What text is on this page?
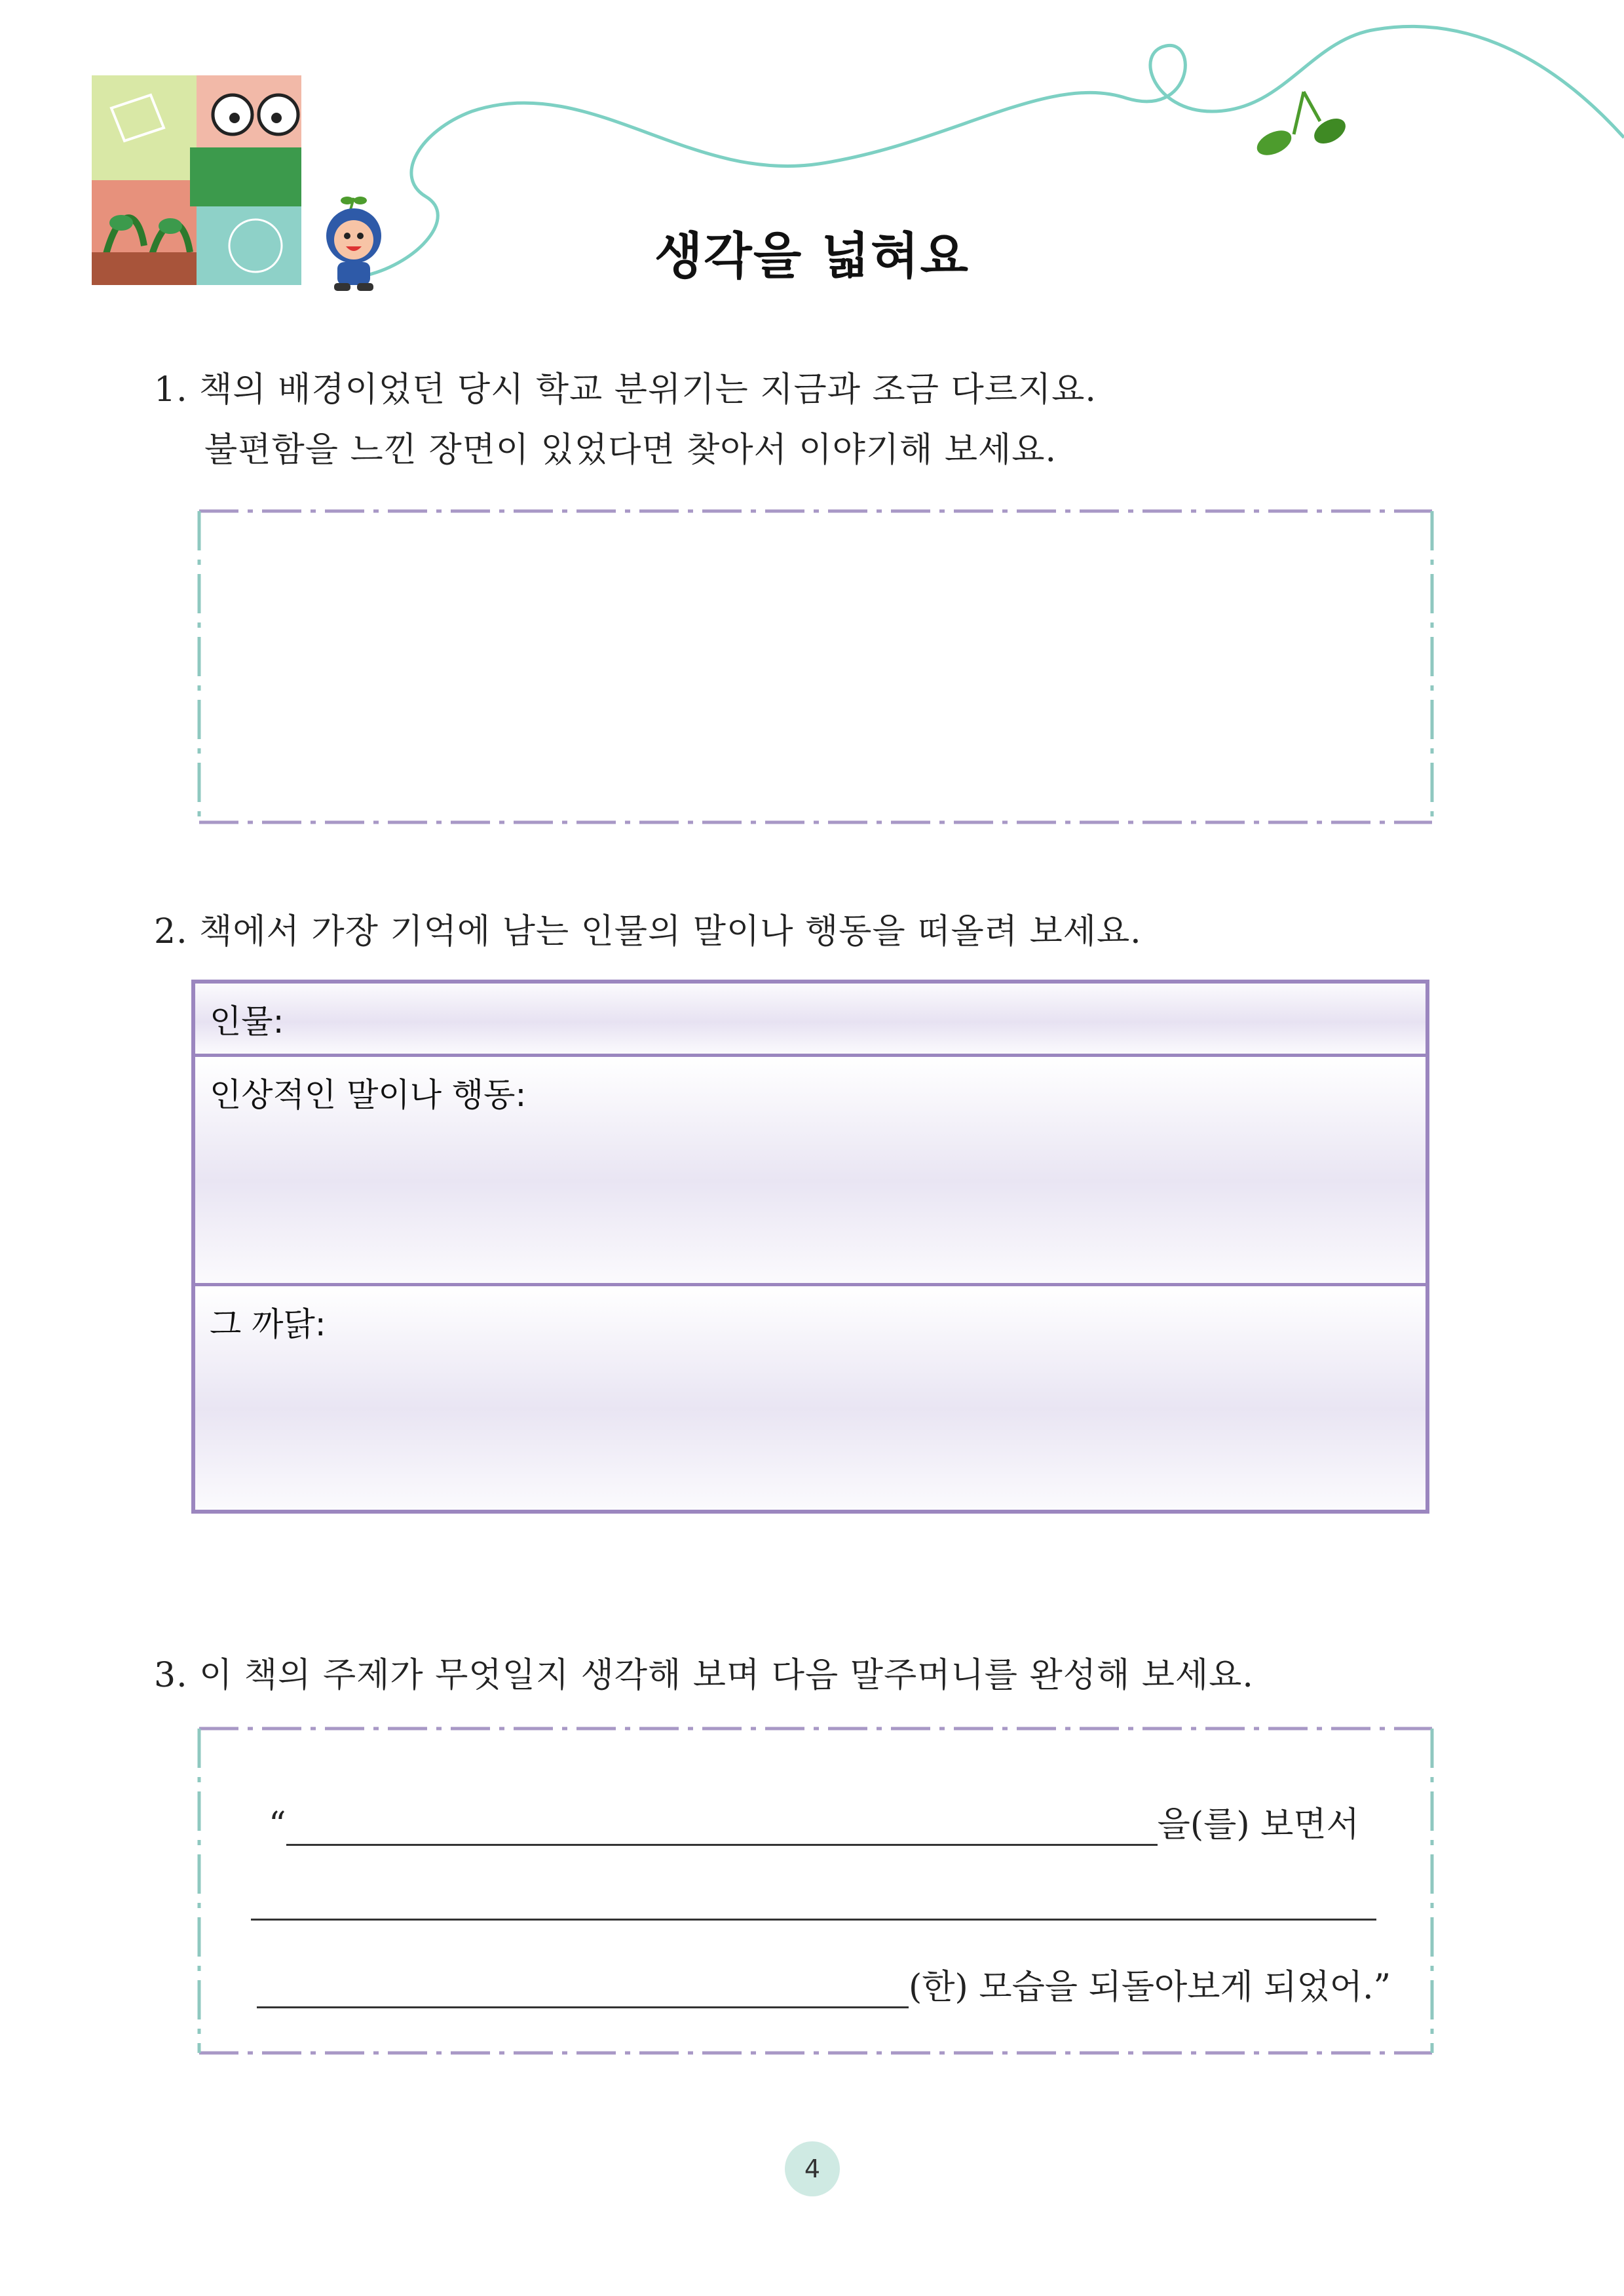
생각을 넓혀요
1. 책의 배경이었던 당시 학교 분위기는 지금과 조금 다르지요.
불편함을 느낀 장면이 있었다면 찾아서 이야기해 보세요.
2. 책에서 가장 기억에 남는 인물의 말이나 행동을 떠올려 보세요.
인물:
인상적인 말이나 행동:
그 까닭:
3. 이 책의 주제가 무엇일지 생각해 보며 다음 말주머니를 완성해 보세요.
“	을(를) 보면서
(한) 모습을 되돌아보게 되었어.”
4
